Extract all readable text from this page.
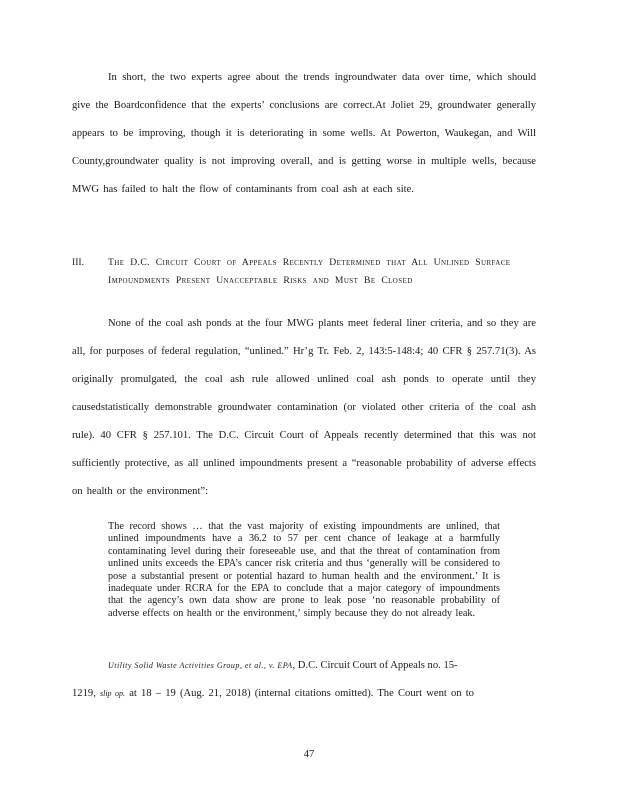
In short, the two experts agree about the trends ingroundwater data over time, which should give the Boardconfidence that the experts’ conclusions are correct.At Joliet 29, groundwater generally appears to be improving, though it is deteriorating in some wells. At Powerton, Waukegan, and Will County,groundwater quality is not improving overall, and is getting worse in multiple wells, because MWG has failed to halt the flow of contaminants from coal ash at each site.

III.	The D.C. Circuit Court of Appeals Recently Determined that All Unlined Surface Impoundments Present Unacceptable Risks and Must Be Closed

None of the coal ash ponds at the four MWG plants meet federal liner criteria, and so they are all, for purposes of federal regulation, “unlined.” Hr’g Tr. Feb. 2, 143:5-148:4; 40 CFR § 257.71(3). As originally promulgated, the coal ash rule allowed unlined coal ash ponds to operate until they causedstatistically demonstrable groundwater contamination (or violated other criteria of the coal ash rule). 40 CFR § 257.101. The D.C. Circuit Court of Appeals recently determined that this was not sufficiently protective, as all unlined impoundments present a “reasonable probability of adverse effects on health or the environment”:

The record shows … that the vast majority of existing impoundments are unlined, that unlined impoundments have a 36.2 to 57 per cent chance of leakage at a harmfully contaminating level during their foreseeable use, and that the threat of contamination from unlined units exceeds the EPA’s cancer risk criteria and thus ‘generally will be considered to pose a substantial present or potential hazard to human health and the environment.’ It is inadequate under RCRA for the EPA to conclude that a major category of impoundments that the agency’s own data show are prone to leak pose ‘no reasonable probability of adverse effects on health or the environment,’ simply because they do not already leak.

Utility Solid Waste Activities Group, et al., v. EPA, D.C. Circuit Court of Appeals no. 15-

1219, slip op. at 18 – 19 (Aug. 21, 2018) (internal citations omitted). The Court went on to

47
